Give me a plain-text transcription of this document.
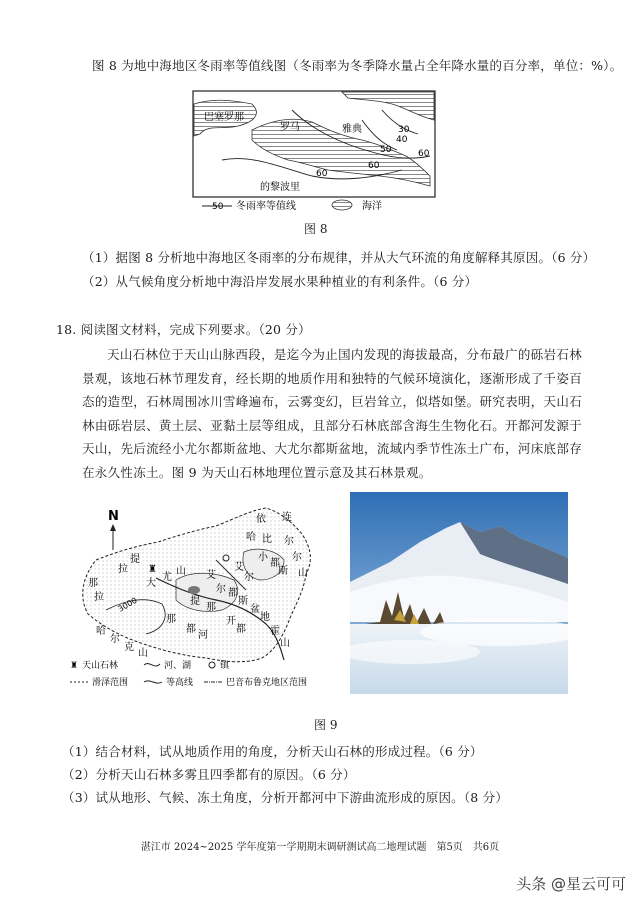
图 8 为地中海地区冬雨率等值线图（冬雨率为冬季降水量占全年降水量的百分率，单位：%）。
巴塞罗那
罗马	雅典
的黎波里
30
40
50	60
60
60
50 冬雨率等值线	海洋
图 8
（1）据图 8 分析地中海地区冬雨率的分布规律，并从大气环流的角度解释其原因。（6 分）
（2）从气候角度分析地中海沿岸发展水果种植业的有利条件。（6 分）
18. 阅读图文材料，完成下列要求。（20 分）
天山石林位于天山山脉西段，是迄今为止国内发现的海拔最高，分布最广的砾岩石林景观，该地石林节理发育，经长期的地质作用和独特的气候环境演化，逐渐形成了千姿百态的造型，石林周围冰川雪峰遍布，云雾变幻，巨岩耸立，似塔如堡。研究表明，天山石林由砾岩层、黄土层、亚黏土层等组成，且部分石林底部含海生生物化石。开都河发源于天山，先后流经小尤尔都斯盆地、大尤尔都斯盆地，流域内季节性冻土广布，河床底部存在永久性冻土。图 9 为天山石林地理位置示意及其石林景观。
N
3000
♜
依 连
哈 比 尔
尔
山
拉
提
大
尤
山 艾
尔 都
斯
盆
地
小
都
斯
那
拉
霍
山
哈
尔
克
山
都
河
那
艾
尔
开
都
那
提
♜ 天山石林	河、湖	镇
滑泽范围	等高线	巴音布鲁克地区范围
图 9
（1）结合材料，试从地质作用的角度，分析天山石林的形成过程。（6 分）
（2）分析天山石林多雾且四季都有的原因。（6 分）
（3）试从地形、气候、冻土角度，分析开都河中下游曲流形成的原因。（8 分）
湛江市 2024~2025 学年度第一学期期末调研测试高二地理试题　第5页　共6页
头条 @星云可可
